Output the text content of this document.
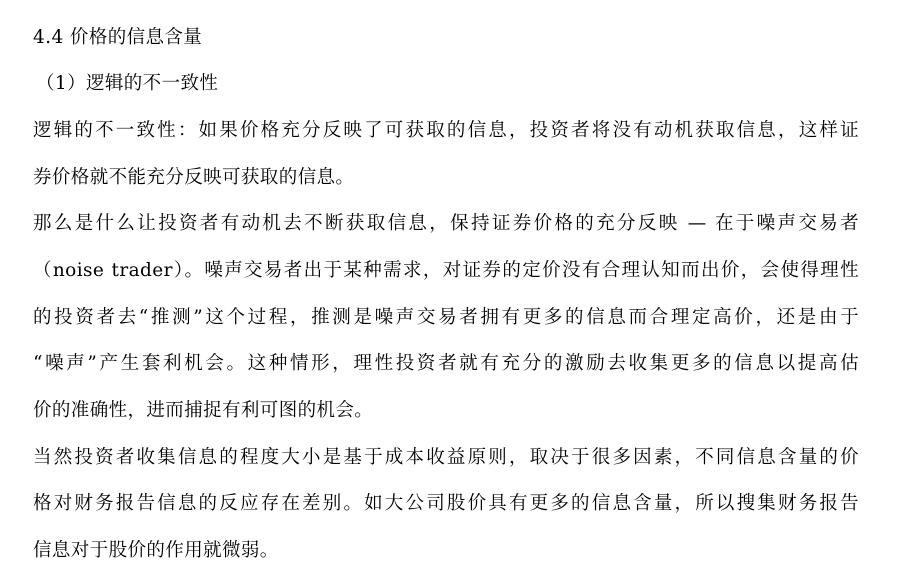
4.4 价格的信息含量
（1）逻辑的不一致性
逻辑的不一致性：如果价格充分反映了可获取的信息，投资者将没有动机获取信息，这样证
券价格就不能充分反映可获取的信息。
那么是什么让投资者有动机去不断获取信息，保持证券价格的充分反映 — 在于噪声交易者
（noise trader）。噪声交易者出于某种需求，对证券的定价没有合理认知而出价，会使得理性
的投资者去“推测”这个过程，推测是噪声交易者拥有更多的信息而合理定高价，还是由于
“噪声”产生套利机会。这种情形，理性投资者就有充分的激励去收集更多的信息以提高估
价的准确性，进而捕捉有利可图的机会。
当然投资者收集信息的程度大小是基于成本收益原则，取决于很多因素，不同信息含量的价
格对财务报告信息的反应存在差别。如大公司股价具有更多的信息含量，所以搜集财务报告
信息对于股价的作用就微弱。
